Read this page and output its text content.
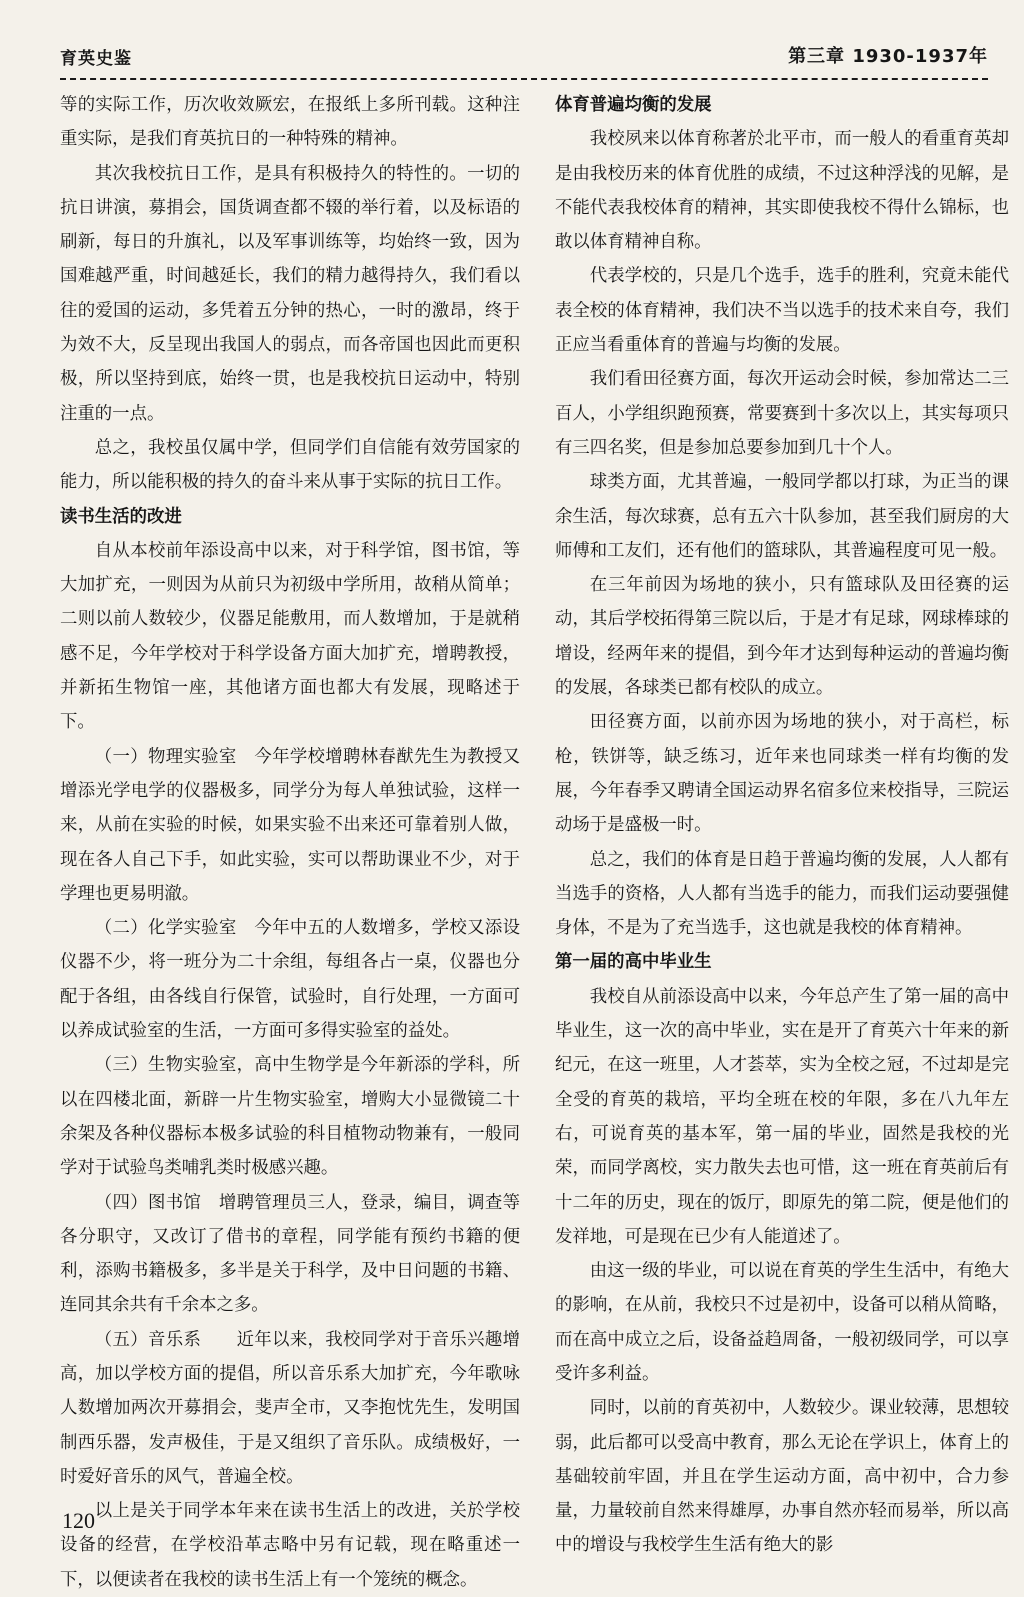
育英史鉴	第三章 1930-1937年

等的实际工作，历次收效厥宏，在报纸上多所刊载。这种注重实际，是我们育英抗日的一种特殊的精神。

其次我校抗日工作，是具有积极持久的特性的。一切的抗日讲演，募捐会，国货调查都不辍的举行着，以及标语的刷新，每日的升旗礼，以及军事训练等，均始终一致，因为国难越严重，时间越延长，我们的精力越得持久，我们看以往的爱国的运动，多凭着五分钟的热心，一时的激昂，终于为效不大，反呈现出我国人的弱点，而各帝国也因此而更积极，所以坚持到底，始终一贯，也是我校抗日运动中，特别注重的一点。

总之，我校虽仅属中学，但同学们自信能有效劳国家的能力，所以能积极的持久的奋斗来从事于实际的抗日工作。

读书生活的改进

自从本校前年添设高中以来，对于科学馆，图书馆，等大加扩充，一则因为从前只为初级中学所用，故稍从简单；二则以前人数较少，仪器足能敷用，而人数增加，于是就稍感不足，今年学校对于科学设备方面大加扩充，增聘教授，并新拓生物馆一座，其他诸方面也都大有发展，现略述于下。

（一）物理实验室　今年学校增聘林春猷先生为教授又增添光学电学的仪器极多，同学分为每人单独试验，这样一来，从前在实验的时候，如果实验不出来还可靠着别人做，现在各人自己下手，如此实验，实可以帮助课业不少，对于学理也更易明澈。

（二）化学实验室　今年中五的人数增多，学校又添设仪器不少，将一班分为二十余组，每组各占一桌，仪器也分配于各组，由各线自行保管，试验时，自行处理，一方面可以养成试验室的生活，一方面可多得实验室的益处。

（三）生物实验室，高中生物学是今年新添的学科，所以在四楼北面，新辟一片生物实验室，增购大小显微镜二十余架及各种仪器标本极多试验的科目植物动物兼有，一般同学对于试验鸟类哺乳类时极感兴趣。

（四）图书馆　增聘管理员三人，登录，编目，调查等各分职守，又改订了借书的章程，同学能有预约书籍的便利，添购书籍极多，多半是关于科学，及中日问题的书籍、连同其余共有千余本之多。

（五）音乐系　　近年以来，我校同学对于音乐兴趣增高，加以学校方面的提倡，所以音乐系大加扩充，今年歌咏人数增加两次开募捐会，斐声全市，又李抱忱先生，发明国制西乐器，发声极佳，于是又组织了音乐队。成绩极好，一时爱好音乐的风气，普遍全校。

以上是关于同学本年来在读书生活上的改进，关於学校设备的经营，在学校沿革志略中另有记载，现在略重述一下，以便读者在我校的读书生活上有一个笼统的概念。

体育普遍均衡的发展

我校夙来以体育称著於北平市，而一般人的看重育英却是由我校历来的体育优胜的成绩，不过这种浮浅的见解，是不能代表我校体育的精神，其实即使我校不得什么锦标，也敢以体育精神自称。

代表学校的，只是几个选手，选手的胜利，究竟未能代表全校的体育精神，我们决不当以选手的技术来自夸，我们正应当看重体育的普遍与均衡的发展。

我们看田径赛方面，每次开运动会时候，参加常达二三百人，小学组织跑预赛，常要赛到十多次以上，其实每项只有三四名奖，但是参加总要参加到几十个人。

球类方面，尤其普遍，一般同学都以打球，为正当的课余生活，每次球赛，总有五六十队参加，甚至我们厨房的大师傅和工友们，还有他们的篮球队，其普遍程度可见一般。

在三年前因为场地的狭小，只有篮球队及田径赛的运动，其后学校拓得第三院以后，于是才有足球，网球棒球的增设，经两年来的提倡，到今年才达到每种运动的普遍均衡的发展，各球类已都有校队的成立。

田径赛方面，以前亦因为场地的狭小，对于高栏，标枪，铁饼等，缺乏练习，近年来也同球类一样有均衡的发展，今年春季又聘请全国运动界名宿多位来校指导，三院运动场于是盛极一时。

总之，我们的体育是日趋于普遍均衡的发展，人人都有当选手的资格，人人都有当选手的能力，而我们运动要强健身体，不是为了充当选手，这也就是我校的体育精神。

第一届的高中毕业生

我校自从前添设高中以来，今年总产生了第一届的高中毕业生，这一次的高中毕业，实在是开了育英六十年来的新纪元，在这一班里，人才荟萃，实为全校之冠，不过却是完全受的育英的栽培，平均全班在校的年限，多在八九年左右，可说育英的基本军，第一届的毕业，固然是我校的光荣，而同学离校，实力散失去也可惜，这一班在育英前后有十二年的历史，现在的饭厅，即原先的第二院，便是他们的发祥地，可是现在已少有人能道述了。

由这一级的毕业，可以说在育英的学生生活中，有绝大的影响，在从前，我校只不过是初中，设备可以稍从简略，而在高中成立之后，设备益趋周备，一般初级同学，可以享受许多利益。

同时，以前的育英初中，人数较少。课业较薄，思想较弱，此后都可以受高中教育，那么无论在学识上，体育上的基础较前牢固，并且在学生运动方面，高中初中，合力参量，力量较前自然来得雄厚，办事自然亦轻而易举，所以高中的增设与我校学生生活有绝大的影

120
